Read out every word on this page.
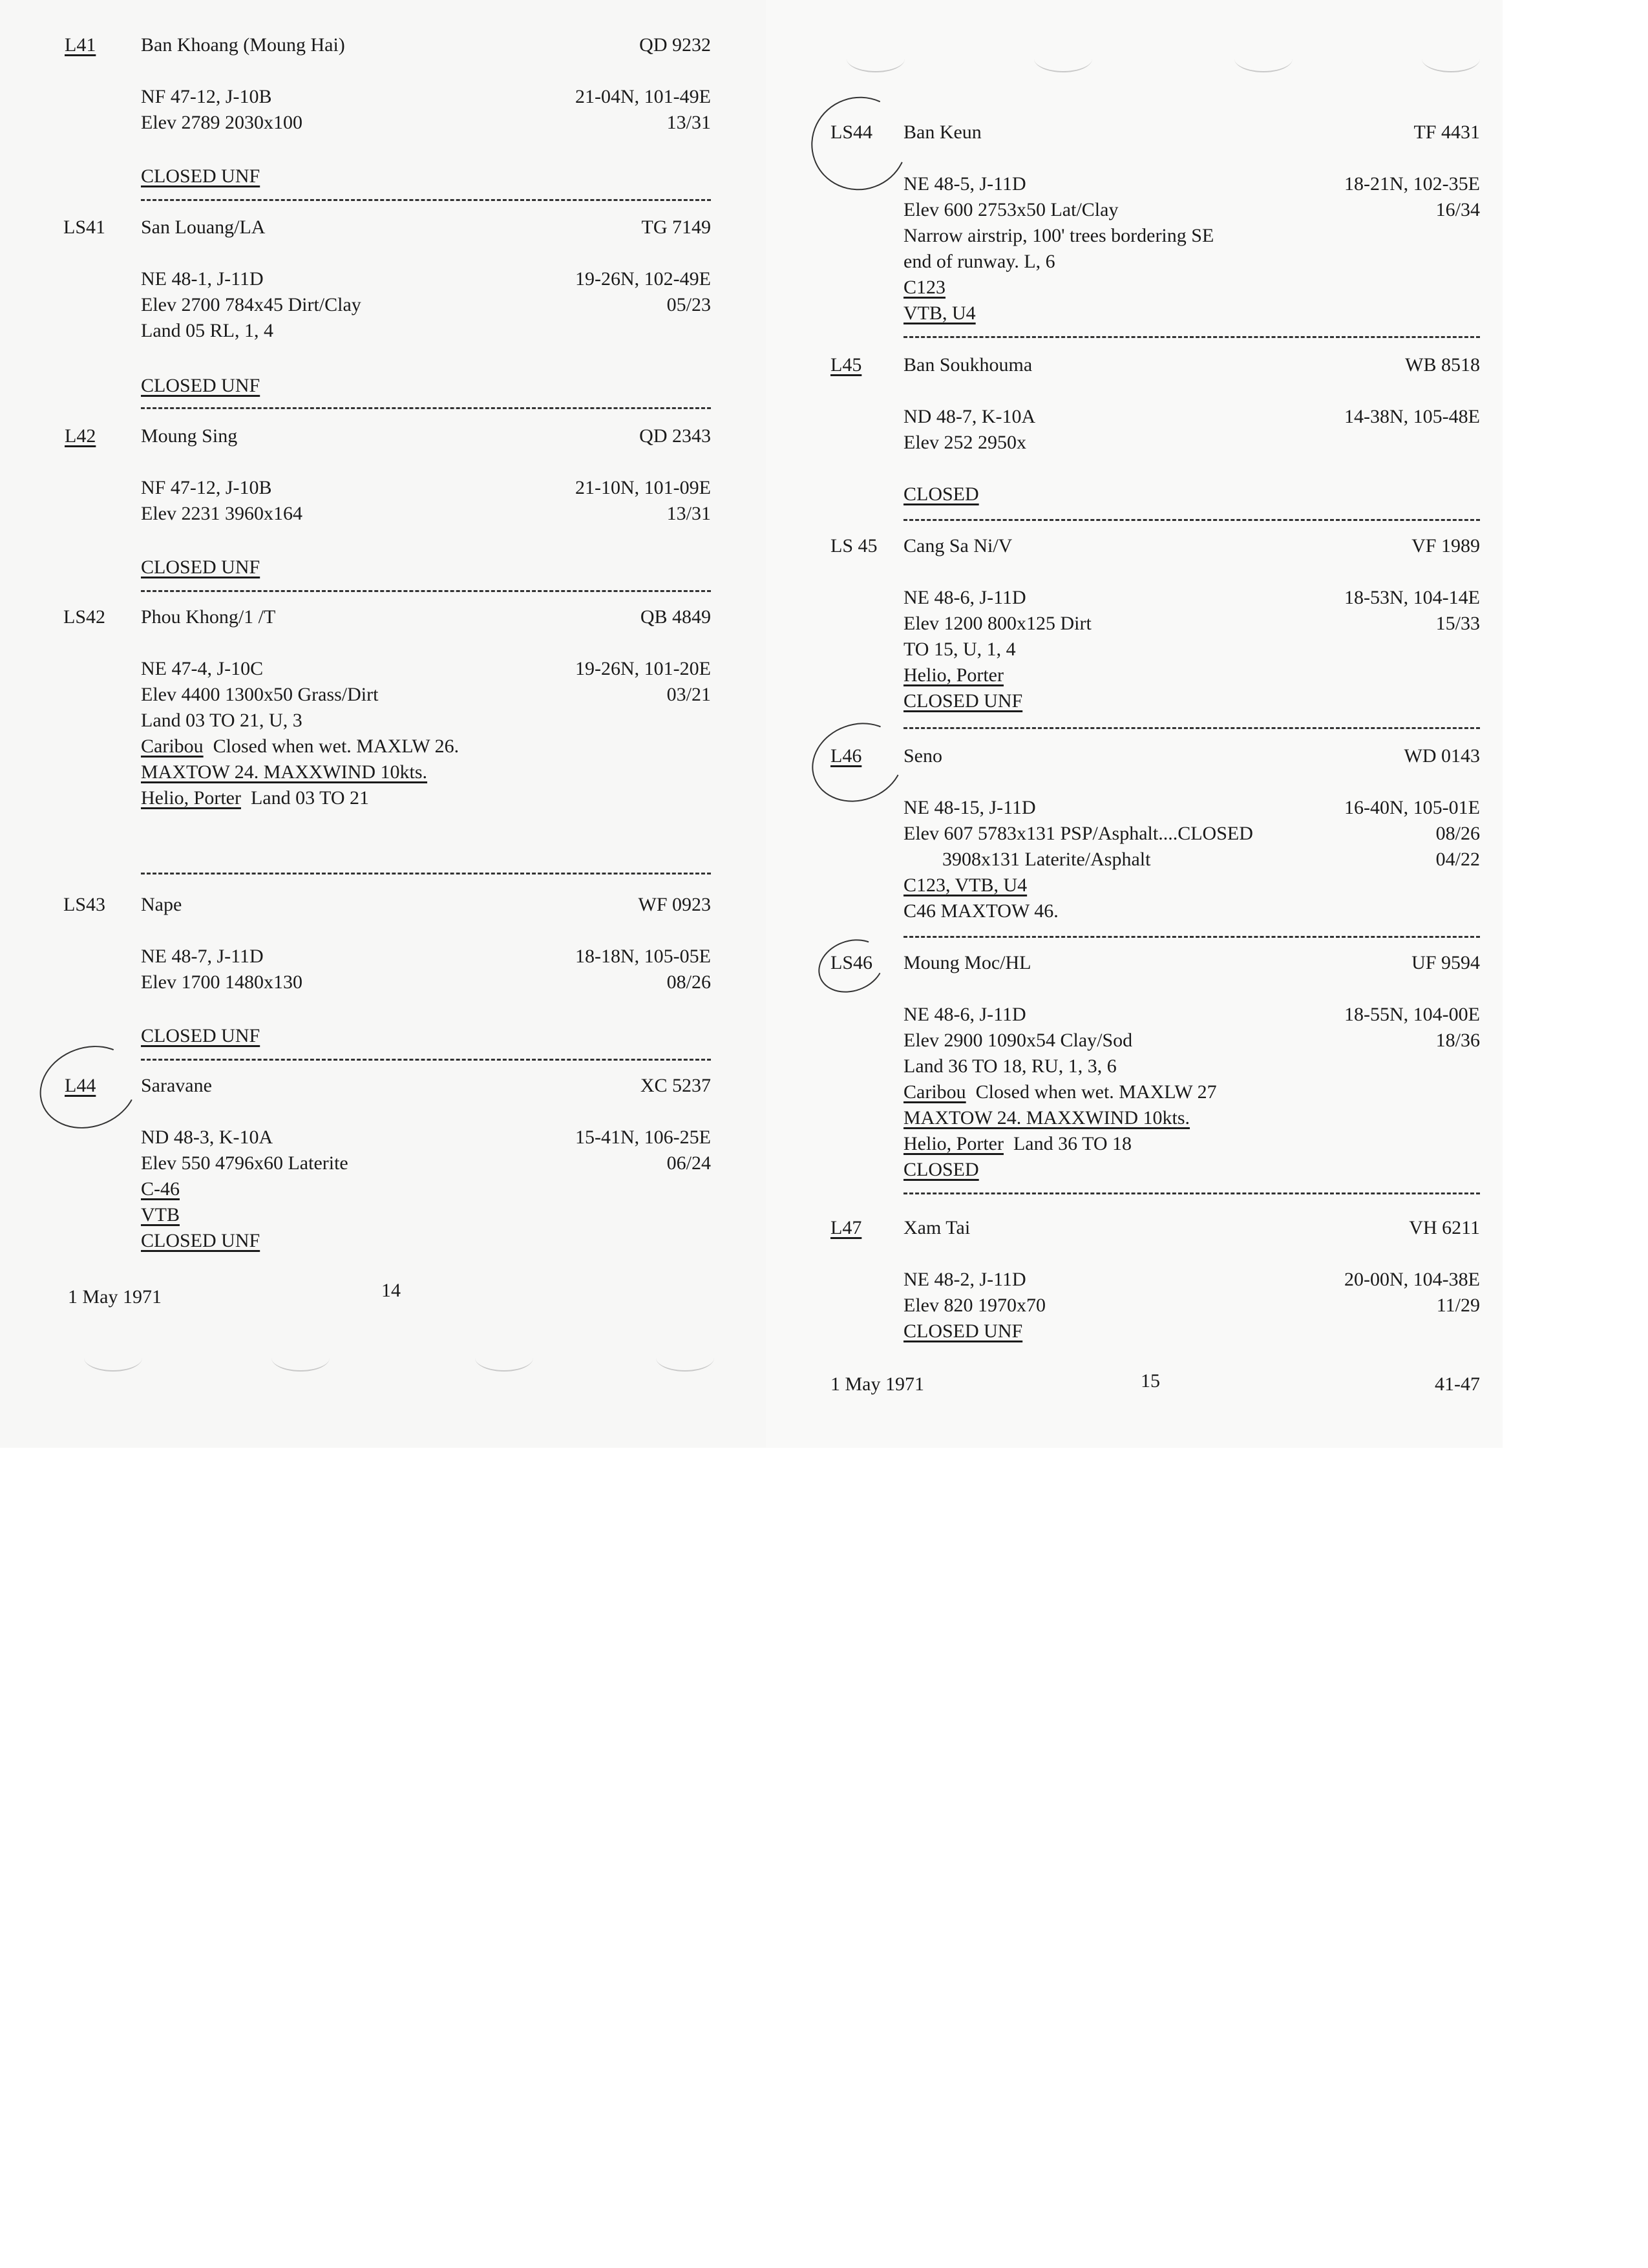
L41	Ban Khoang (Moung Hai)	QD 9232
NF 47-12, J-10B	21-04N, 101-49E
Elev 2789 2030x100	13/31
CLOSED UNF
LS41	San Louang/LA	TG 7149
NE 48-1, J-11D	19-26N, 102-49E
Elev 2700 784x45 Dirt/Clay	05/23
Land 05 RL, 1, 4
CLOSED UNF
L42	Moung Sing	QD 2343
NF 47-12, J-10B	21-10N, 101-09E
Elev 2231 3960x164	13/31
CLOSED UNF
LS42	Phou Khong/1 /T	QB 4849
NE 47-4, J-10C	19-26N, 101-20E
Elev 4400 1300x50 Grass/Dirt	03/21
Land 03 TO 21, U, 3
Caribou Closed when wet. MAXLW 26.
MAXTOW 24. MAXXWIND 10kts.
Helio, Porter Land 03 TO 21
LS43	Nape	WF 0923
NE 48-7, J-11D	18-18N, 105-05E
Elev 1700 1480x130	08/26
CLOSED UNF
L44	Saravane	XC 5237
ND 48-3, K-10A	15-41N, 106-25E
Elev 550 4796x60 Laterite	06/24
C-46
VTB
CLOSED UNF
1 May 1971	14
LS44	Ban Keun	TF 4431
NE 48-5, J-11D	18-21N, 102-35E
Elev 600 2753x50 Lat/Clay	16/34
Narrow airstrip, 100' trees bordering SE
end of runway. L, 6
C123
VTB, U4
L45	Ban Soukhouma	WB 8518
ND 48-7, K-10A	14-38N, 105-48E
Elev 252 2950x
CLOSED
LS 45	Cang Sa Ni/V	VF 1989
NE 48-6, J-11D	18-53N, 104-14E
Elev 1200 800x125 Dirt	15/33
TO 15, U, 1, 4
Helio, Porter
CLOSED UNF
L46	Seno	WD 0143
NE 48-15, J-11D	16-40N, 105-01E
Elev 607 5783x131 PSP/Asphalt....CLOSED	08/26
3908x131 Laterite/Asphalt	04/22
C123, VTB, U4
C46 MAXTOW 46.
LS46	Moung Moc/HL	UF 9594
NE 48-6, J-11D	18-55N, 104-00E
Elev 2900 1090x54 Clay/Sod	18/36
Land 36 TO 18, RU, 1, 3, 6
Caribou Closed when wet. MAXLW 27
MAXTOW 24. MAXXWIND 10kts.
Helio, Porter Land 36 TO 18
CLOSED
L47	Xam Tai	VH 6211
NE 48-2, J-11D	20-00N, 104-38E
Elev 820 1970x70	11/29
CLOSED UNF
1 May 1971	15	41-47
